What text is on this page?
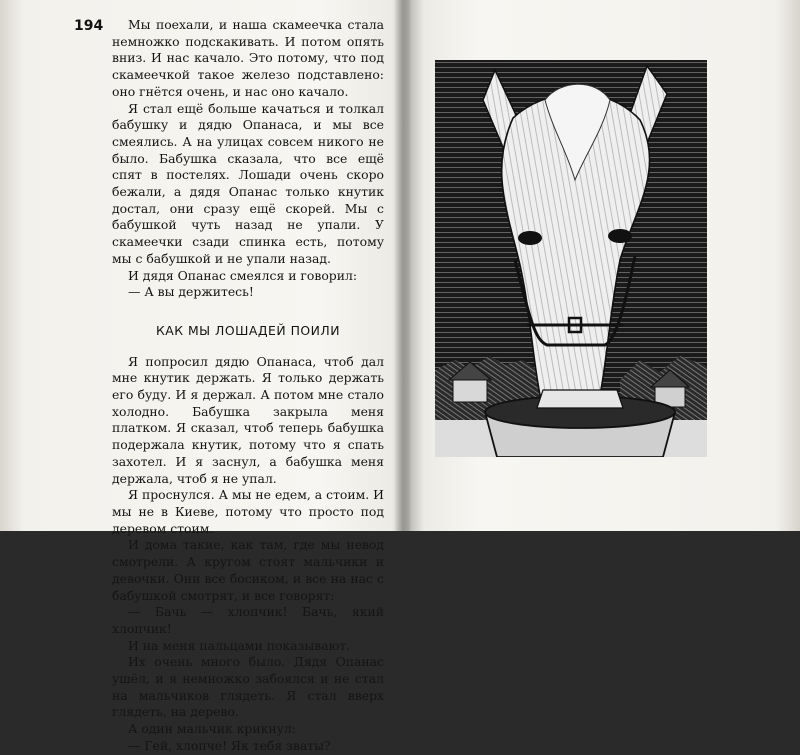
194	Мы поехали, и наша скамеечка стала немножко подскакивать. И потом опять вниз. И нас качало. Это потому, что под скамеечкой такое железо подставлено: оно гнётся очень, и нас оно качало.

Я стал ещё больше качаться и толкал бабушку и дядю Опанаса, и мы все смеялись. А на улицах совсем никого не было. Бабушка сказала, что все ещё спят в постелях. Лошади очень скоро бежали, а дядя Опанас только кнутик достал, они сразу ещё скорей. Мы с бабушкой чуть назад не упали. У скамеечки сзади спинка есть, потому мы с бабушкой и не упали назад.

И дядя Опанас смеялся и говорил:

— А вы держитесь!

КАК МЫ ЛОШАДЕЙ ПОИЛИ

Я попросил дядю Опанаса, чтоб дал мне кнутик держать. Я только держать его буду. И я держал. А потом мне стало холодно. Бабушка закрыла меня платком. Я сказал, чтоб теперь бабушка подержала кнутик, потому что я спать захотел. И я заснул, а бабушка меня держала, чтоб я не упал.

Я проснулся. А мы не едем, а стоим. И мы не в Киеве, потому что просто под деревом стоим.

И дома такие, как там, где мы невод смотрели. А кругом стоят мальчики и девочки. Они все босиком, и все на нас с бабушкой смотрят, и все говорят:

— Бачь — хлопчик! Бачь, який хлопчик!

И на меня пальцами показывают.

Их очень много было. Дядя Опанас ушёл, и я немножко забоялся и не стал на мальчиков глядеть. Я стал вверх глядеть, на дерево.

А один мальчик крикнул:

— Гей, хлопче! Як тебя зваты?
